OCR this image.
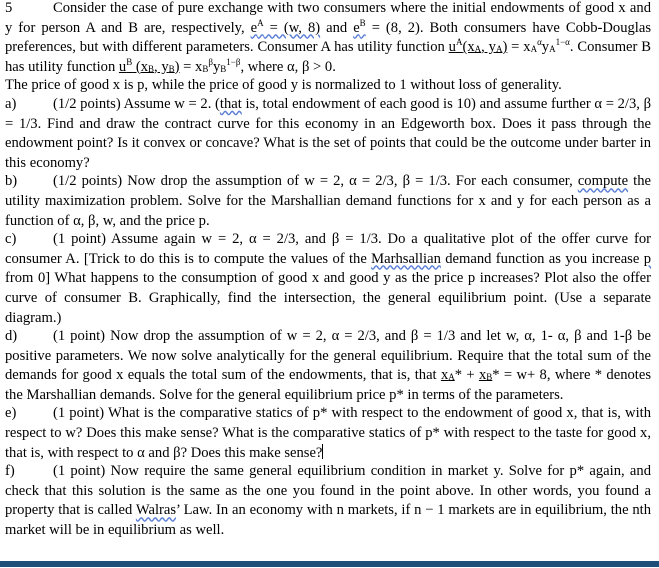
5	Consider the case of pure exchange with two consumers where the initial endowments of good x and y for person A and B are, respectively, $e^A = (w$, 8) and $e^B = (8$, 2). Both consumers have Cobb-Douglas preferences, but with different parameters. Consumer A has utility function $u^A(x_A$, $y_A) = x_A^\alpha y_A^{1-\alpha}$. Consumer B has utility function $u^B$ ($x_B$, $y_B) = x_B^\beta y_B^{1-\beta}$, where α, β > 0.

The price of good x is p, while the price of good y is normalized to 1 without loss of generality.

a)	(1/2 points) Assume w = 2. (that is, total endowment of each good is 10) and assume further α = 2/3, β = 1/3. Find and draw the contract curve for this economy in an Edgeworth box. Does it pass through the endowment point? Is it convex or concave? What is the set of points that could be the outcome under barter in this economy?

b) (1/2 points) Now drop the assumption of w = 2, α = 2/3, β = 1/3. For each consumer, compute the utility maximization problem. Solve for the Marshallian demand functions for x and y for each person as a function of α, β, w, and the price p.

c)	(1 point) Assume again w = 2, α = 2/3, and β = 1/3. Do a qualitative plot of the offer curve for consumer A. [Trick to do this is to compute the values of the Marhsallian demand function as you increase p from 0] What happens to the consumption of good x and good y as the price p increases? Plot also the offer curve of consumer B. Graphically, find the intersection, the general equilibrium point. (Use a separate diagram.)

d) (1 point) Now drop the assumption of w = 2, α = 2/3, and β = 1/3 and let w, α, 1- α, β and 1-β be positive parameters. We now solve analytically for the general equilibrium. Require that the total sum of the demands for good x equals the total sum of the endowments, that is, that $x_A* + x_B* = w+ 8$, where * denotes the Marshallian demands. Solve for the general equilibrium price p* in terms of the parameters.

e)	(1 point) What is the comparative statics of p* with respect to the endowment of good x, that is, with respect to w? Does this make sense? What is the comparative statics of p* with respect to the taste for good x, that is, with respect to α and β? Does this make sense?

f)	(1 point) Now require the same general equilibrium condition in market y. Solve for p* again, and check that this solution is the same as the one you found in the point above. In other words, you found a property that is called Walras’ Law. In an economy with n markets, if n − 1 markets are in equilibrium, the nth market will be in equilibrium as well.
